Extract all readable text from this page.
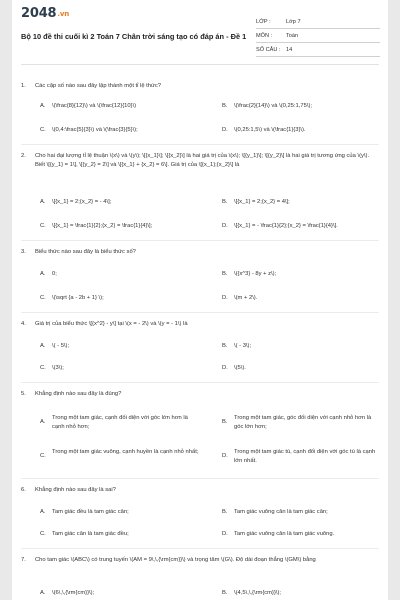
2048.vn
Bộ 10 đề thi cuối kì 2 Toán 7 Chân trời sáng tạo có đáp án - Đề 1
LỚP :	Lớp 7
MÔN : Toán
SỐ CÂU : 14
1. Các cặp số nào sau đây lập thành một tỉ lệ thức?
A. \(\frac{8}{12}\) và \(\frac{12}{10}\)	B. \(\frac{2}{14}\) và \(0,25:1,75\);
C. \(0,4:\frac{5}{3}\) và \(\frac{3}{5}\);	D. \(0,25:1,5\) và \(\frac{1}{3}\).
2. Cho hai đại lượng tỉ lệ thuận \(x\) và \(y\); \[{x_1}\]; \[{x_2}\] là hai giá trị của \(x\); \[{y_1}\]; \[{y_2}\] là hai giá trị tương ứng của \(y\). Biết \[{y_1} = 1\], \[{y_2} = 2\] và \[{x_1} + {x_2} = 6\]. Giá trị của \[{x_1};{x_2}\] là
A. \[{x_1} = 2;{x_2} = - 4\];	B. \[{x_1} = 2;{x_2} = 4\];
C. \[{x_1} = \frac{1}{2};{x_2} = \frac{1}{4}\];	D. \[{x_1} = - \frac{1}{2};{x_2} = \frac{1}{4}\].
3. Biểu thức nào sau đây là biểu thức số?
A. 0;	B. \({x^3} - 8y + z\);
C. \(\sqrt {a - 2b + 1} \);	D. \(m + 2\).
4. Giá trị của biểu thức \[{x^2} - y\] tại \(x = - 2\) và \(y = - 1\) là
A. \( - 5\);	B. \( - 3\);
C. \(3\);	D. \(5\).
5. Khẳng định nào sau đây là đúng?
A.
Trong một tam giác, cạnh đối diện với góc lớn hơn là cạnh nhỏ hơn;
B.
Trong một tam giác, góc đối diện với cạnh nhỏ hơn là góc lớn hơn;
C.
Trong một tam giác vuông, cạnh huyền là cạnh nhỏ nhất;
D.
Trong một tam giác tù, cạnh đối diện với góc tù là cạnh lớn nhất.
6. Khẳng định nào sau đây là sai?
A. Tam giác đều là tam giác cân;	B. Tam giác vuông cân là tam giác cân;
C. Tam giác cân là tam giác đều;	D. Tam giác vuông cân là tam giác vuông.
7. Cho tam giác \(ABC\) có trung tuyến \(AM = 9\,\,{\rm{cm}}\) và trọng tâm \(G\). Độ dài đoạn thẳng \(GM\) bằng
A. \(6\,\,{\rm{cm}}\);	B. \(4,5\,\,{\rm{cm}}\);
